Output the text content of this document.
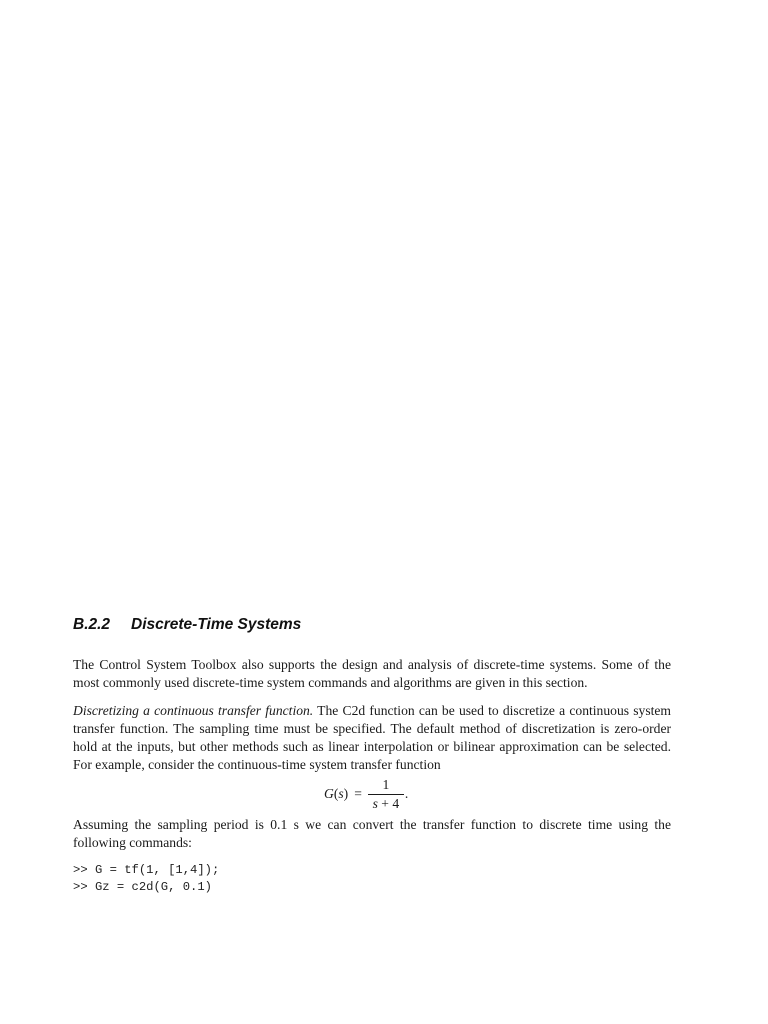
B.2.2 Discrete-Time Systems

The Control System Toolbox also supports the design and analysis of discrete-time systems. Some of the most commonly used discrete-time system commands and algorithms are given in this section.

Discretizing a continuous transfer function. The C2d function can be used to discretize a continuous system transfer function. The sampling time must be specified. The default method of discretization is zero-order hold at the inputs, but other methods such as linear interpolation or bilinear approximation can be selected. For example, consider the continuous-time system transfer function

$G(s) = \frac{1}{s + 4}$ .

Assuming the sampling period is 0.1 s we can convert the transfer function to discrete time using the following commands:

>> G = tf(1, [1,4]);
>> Gz = c2d(G, 0.1)
